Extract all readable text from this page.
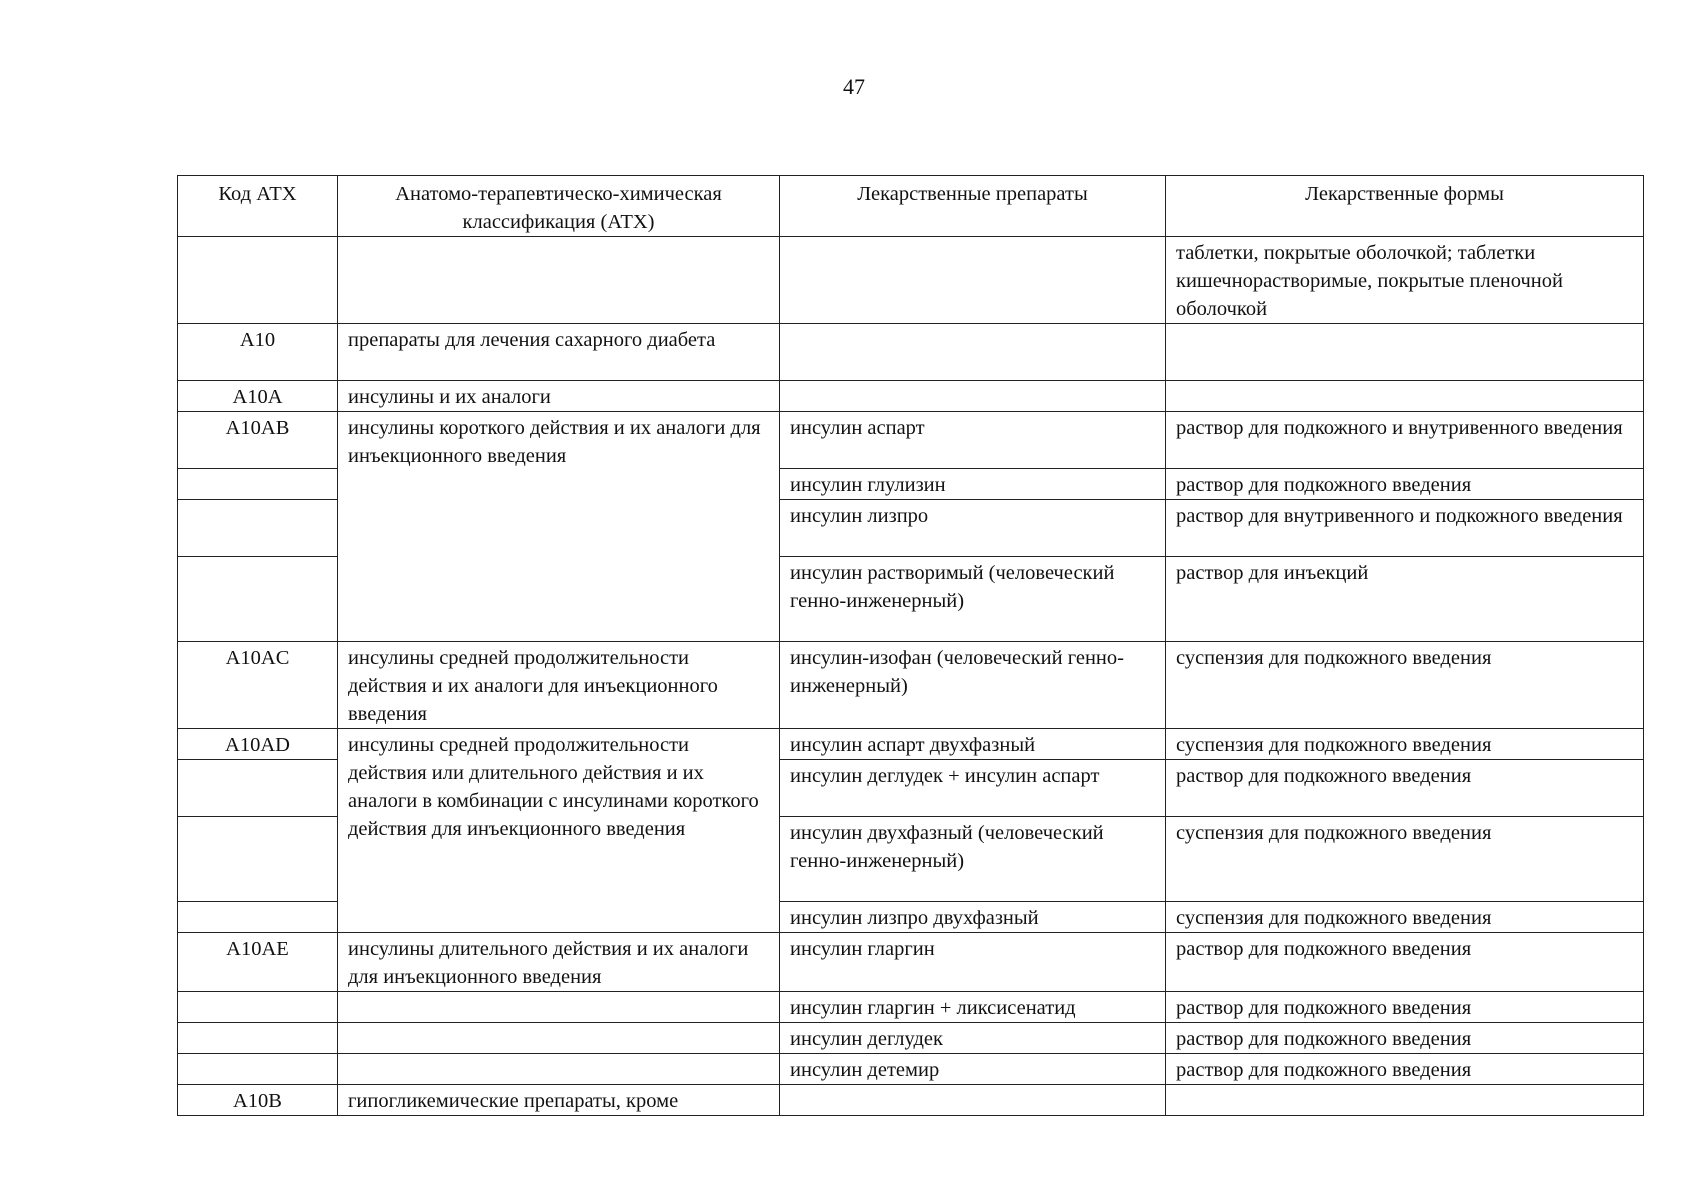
47
Код АТХ	Анатомо-терапевтическо-химическая классификация (АТХ)	Лекарственные препараты	Лекарственные формы
			таблетки, покрытые оболочкой; таблетки кишечнорастворимые, покрытые пленочной оболочкой
A10	препараты для лечения сахарного диабета		
A10A	инсулины и их аналоги		
A10AB	инсулины короткого действия и их аналоги для инъекционного введения	инсулин аспарт	раствор для подкожного и внутривенного введения
		инсулин глулизин	раствор для подкожного введения
		инсулин лизпро	раствор для внутривенного и подкожного введения
		инсулин растворимый (человеческий генно-инженерный)	раствор для инъекций
A10AC	инсулины средней продолжительности действия и их аналоги для инъекционного введения	инсулин-изофан (человеческий генно-инженерный)	суспензия для подкожного введения
A10AD	инсулины средней продолжительности действия или длительного действия и их аналоги в комбинации с инсулинами короткого действия для инъекционного введения	инсулин аспарт двухфазный	суспензия для подкожного введения
		инсулин деглудек + инсулин аспарт	раствор для подкожного введения
		инсулин двухфазный (человеческий генно-инженерный)	суспензия для подкожного введения
		инсулин лизпро двухфазный	суспензия для подкожного введения
A10AE	инсулины длительного действия и их аналоги для инъекционного введения	инсулин гларгин	раствор для подкожного введения
		инсулин гларгин + ликсисенатид	раствор для подкожного введения
		инсулин деглудек	раствор для подкожного введения
		инсулин детемир	раствор для подкожного введения
A10B	гипогликемические препараты, кроме		
